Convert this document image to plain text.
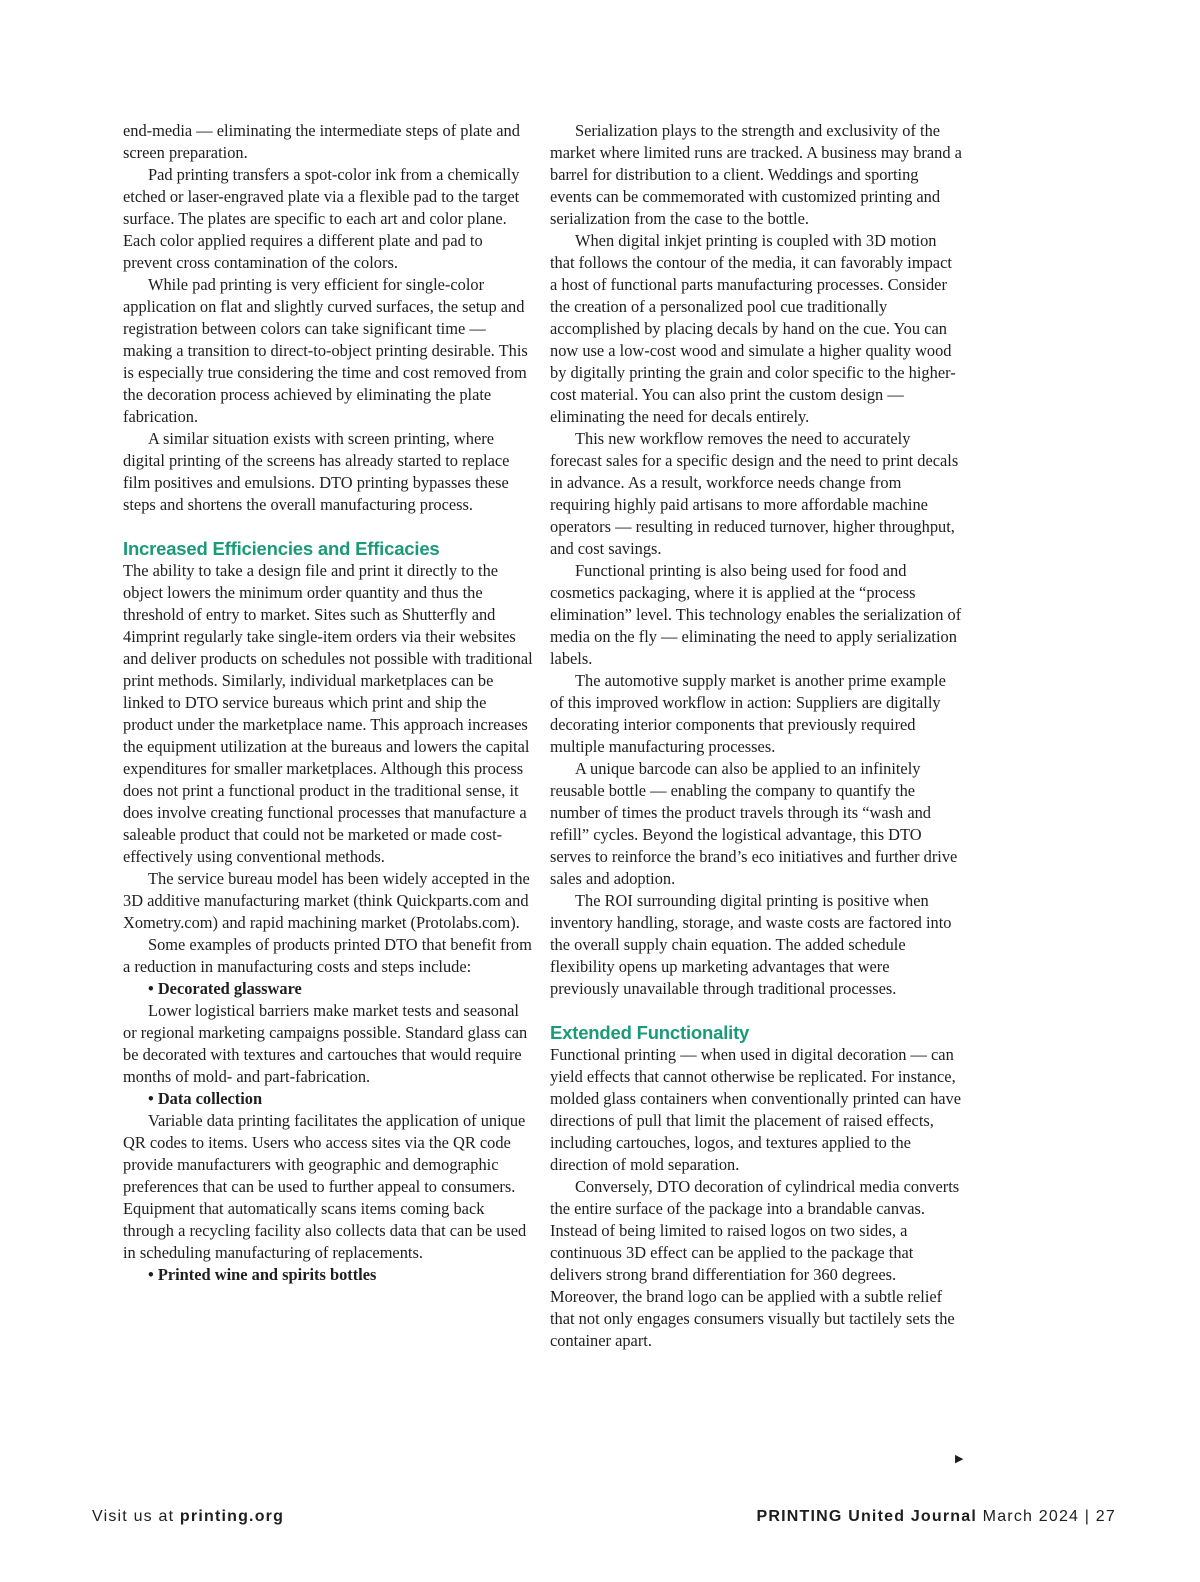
end-media — eliminating the intermediate steps of plate and screen preparation.

Pad printing transfers a spot-color ink from a chemically etched or laser-engraved plate via a flexible pad to the target surface. The plates are specific to each art and color plane. Each color applied requires a different plate and pad to prevent cross contamination of the colors.

While pad printing is very efficient for single-color application on flat and slightly curved surfaces, the setup and registration between colors can take significant time — making a transition to direct-to-object printing desirable. This is especially true considering the time and cost removed from the decoration process achieved by eliminating the plate fabrication.

A similar situation exists with screen printing, where digital printing of the screens has already started to replace film positives and emulsions. DTO printing bypasses these steps and shortens the overall manufacturing process.

Increased Efficiencies and Efficacies

The ability to take a design file and print it directly to the object lowers the minimum order quantity and thus the threshold of entry to market. Sites such as Shutterfly and 4imprint regularly take single-item orders via their websites and deliver products on schedules not possible with traditional print methods. Similarly, individual marketplaces can be linked to DTO service bureaus which print and ship the product under the marketplace name. This approach increases the equipment utilization at the bureaus and lowers the capital expenditures for smaller marketplaces. Although this process does not print a functional product in the traditional sense, it does involve creating functional processes that manufacture a saleable product that could not be marketed or made cost-effectively using conventional methods.

The service bureau model has been widely accepted in the 3D additive manufacturing market (think Quickparts.com and Xometry.com) and rapid machining market (Protolabs.com).

Some examples of products printed DTO that benefit from a reduction in manufacturing costs and steps include:

• Decorated glassware

Lower logistical barriers make market tests and seasonal or regional marketing campaigns possible. Standard glass can be decorated with textures and cartouches that would require months of mold- and part-fabrication.

• Data collection

Variable data printing facilitates the application of unique QR codes to items. Users who access sites via the QR code provide manufacturers with geographic and demographic preferences that can be used to further appeal to consumers. Equipment that automatically scans items coming back through a recycling facility also collects data that can be used in scheduling manufacturing of replacements.

• Printed wine and spirits bottles

Serialization plays to the strength and exclusivity of the market where limited runs are tracked. A business may brand a barrel for distribution to a client. Weddings and sporting events can be commemorated with customized printing and serialization from the case to the bottle.

When digital inkjet printing is coupled with 3D motion that follows the contour of the media, it can favorably impact a host of functional parts manufacturing processes. Consider the creation of a personalized pool cue traditionally accomplished by placing decals by hand on the cue. You can now use a low-cost wood and simulate a higher quality wood by digitally printing the grain and color specific to the higher-cost material. You can also print the custom design — eliminating the need for decals entirely.

This new workflow removes the need to accurately forecast sales for a specific design and the need to print decals in advance. As a result, workforce needs change from requiring highly paid artisans to more affordable machine operators — resulting in reduced turnover, higher throughput, and cost savings.

Functional printing is also being used for food and cosmetics packaging, where it is applied at the “process elimination” level. This technology enables the serialization of media on the fly — eliminating the need to apply serialization labels.

The automotive supply market is another prime example of this improved workflow in action: Suppliers are digitally decorating interior components that previously required multiple manufacturing processes.

A unique barcode can also be applied to an infinitely reusable bottle — enabling the company to quantify the number of times the product travels through its “wash and refill” cycles. Beyond the logistical advantage, this DTO serves to reinforce the brand’s eco initiatives and further drive sales and adoption.

The ROI surrounding digital printing is positive when inventory handling, storage, and waste costs are factored into the overall supply chain equation. The added schedule flexibility opens up marketing advantages that were previously unavailable through traditional processes.

Extended Functionality

Functional printing — when used in digital decoration — can yield effects that cannot otherwise be replicated. For instance, molded glass containers when conventionally printed can have directions of pull that limit the placement of raised effects, including cartouches, logos, and textures applied to the direction of mold separation.

Conversely, DTO decoration of cylindrical media converts the entire surface of the package into a brandable canvas. Instead of being limited to raised logos on two sides, a continuous 3D effect can be applied to the package that delivers strong brand differentiation for 360 degrees. Moreover, the brand logo can be applied with a subtle relief that not only engages consumers visually but tactilely sets the container apart.

▶
Visit us at printing.org	PRINTING United Journal March 2024 | 27
